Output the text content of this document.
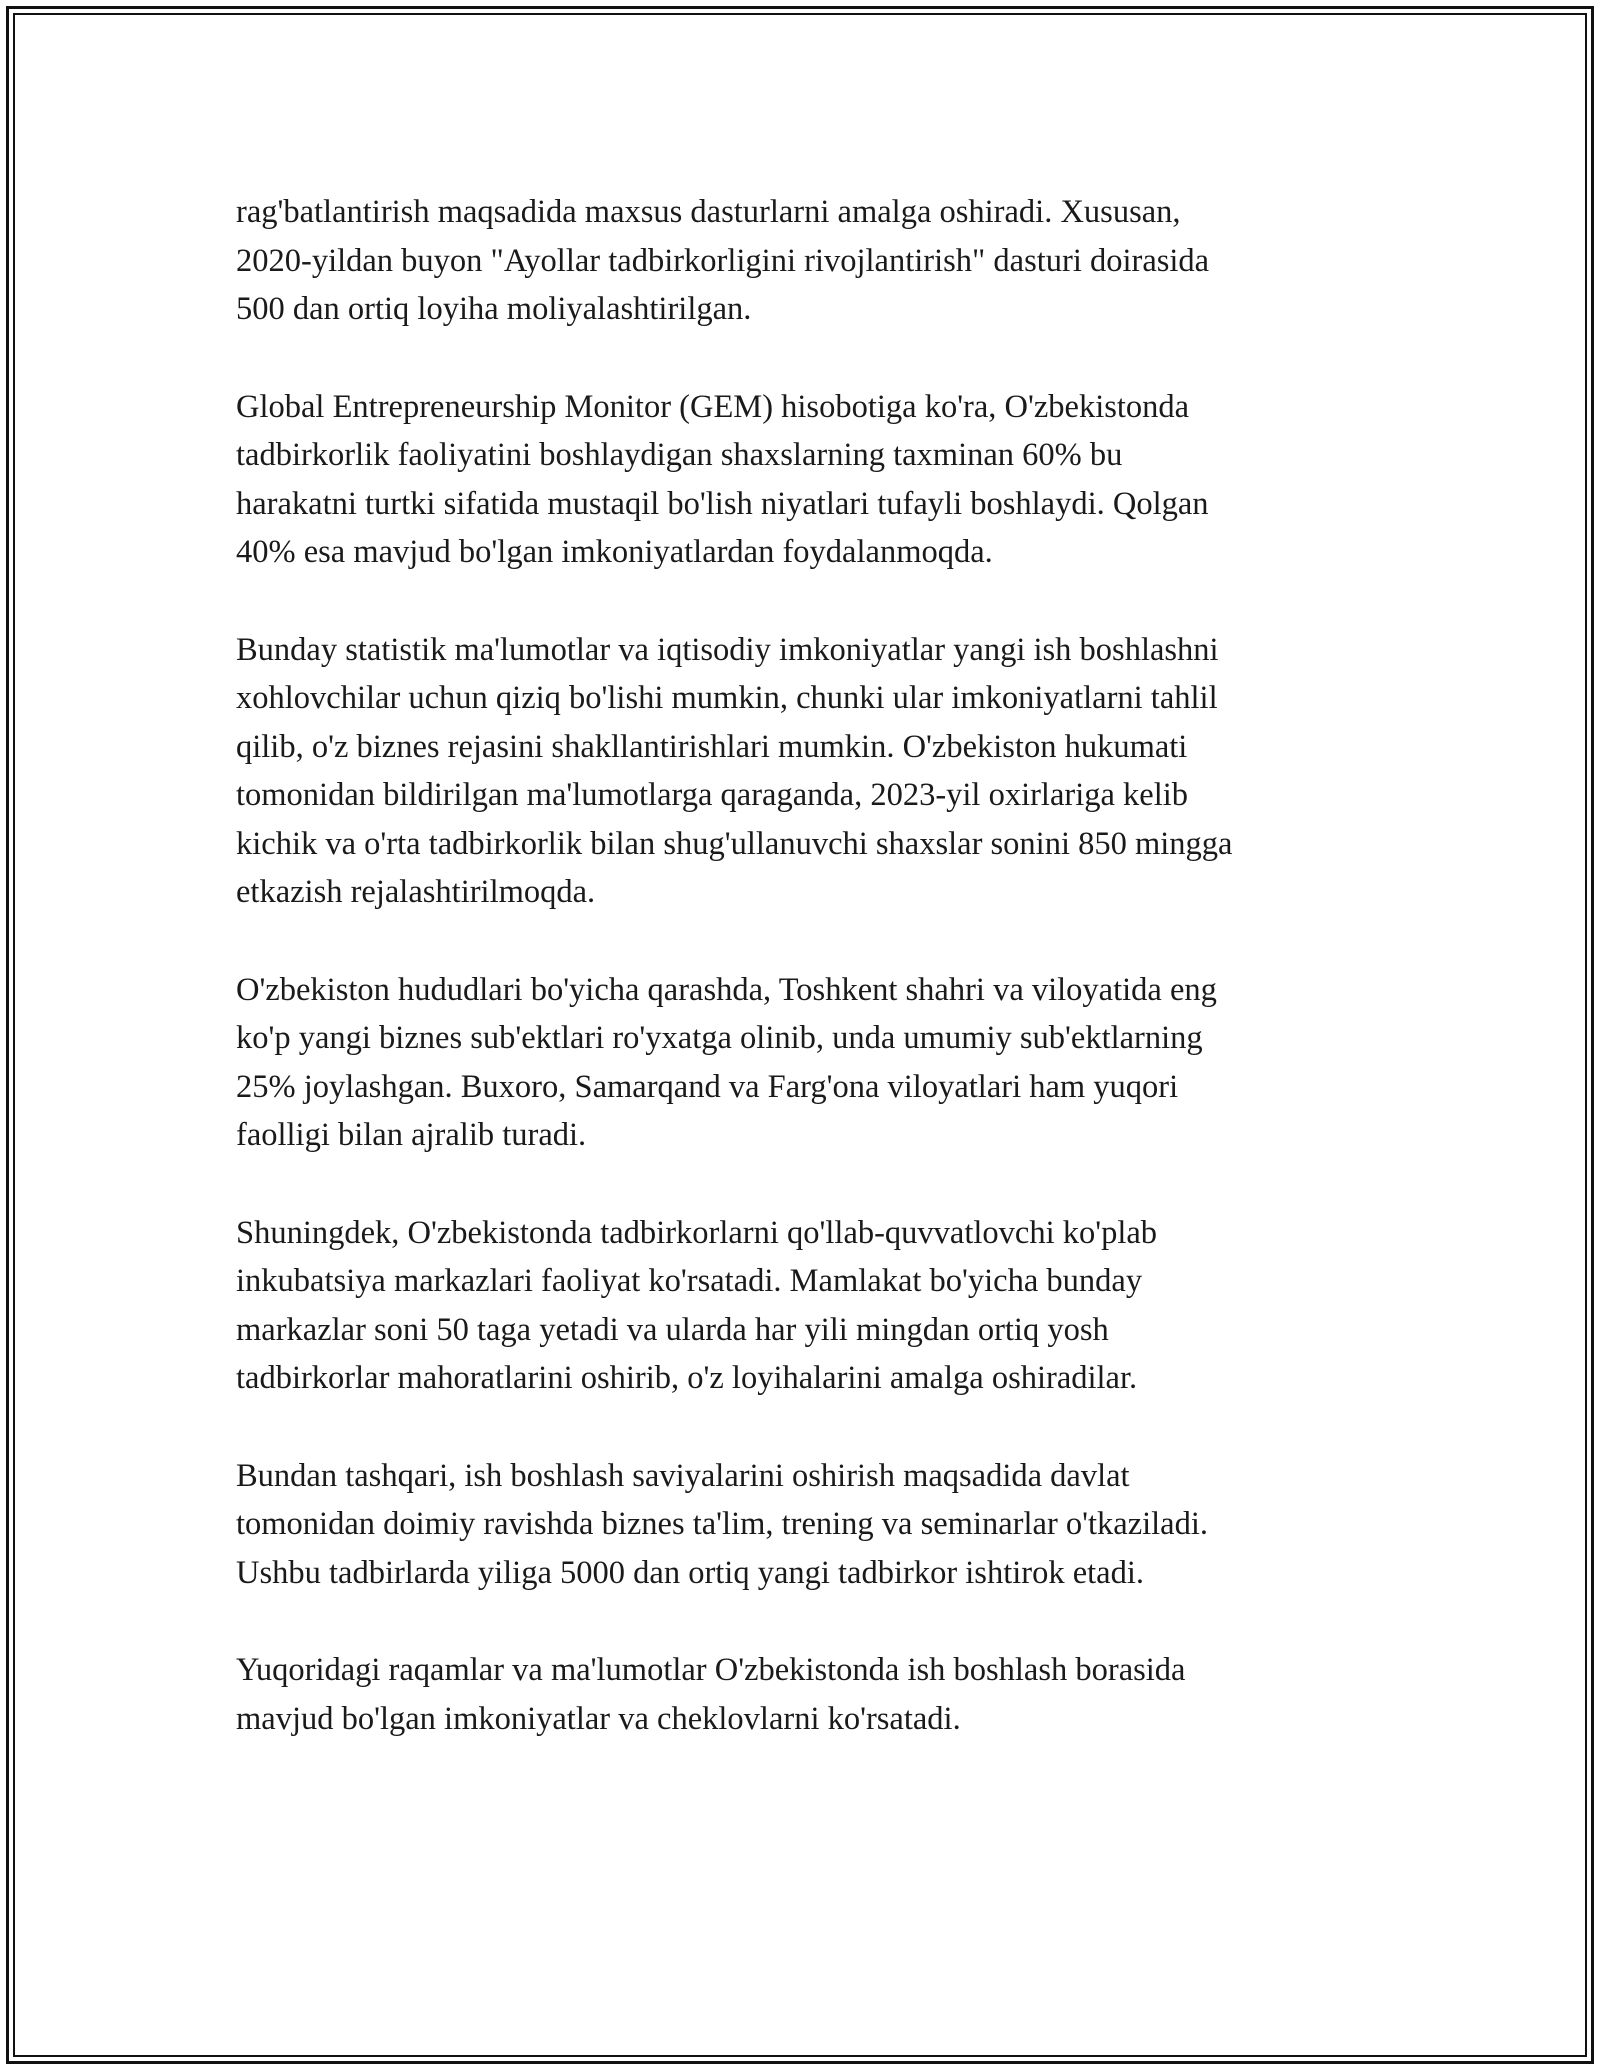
rag'batlantirish maqsadida maxsus dasturlarni amalga oshiradi. Xususan,
2020-yildan buyon "Ayollar tadbirkorligini rivojlantirish" dasturi doirasida
500 dan ortiq loyiha moliyalashtirilgan.

Global Entrepreneurship Monitor (GEM) hisobotiga ko'ra, O'zbekistonda
tadbirkorlik faoliyatini boshlaydigan shaxslarning taxminan 60% bu
harakatni turtki sifatida mustaqil bo'lish niyatlari tufayli boshlaydi. Qolgan
40% esa mavjud bo'lgan imkoniyatlardan foydalanmoqda.

Bunday statistik ma'lumotlar va iqtisodiy imkoniyatlar yangi ish boshlashni
xohlovchilar uchun qiziq bo'lishi mumkin, chunki ular imkoniyatlarni tahlil
qilib, o'z biznes rejasini shakllantirishlari mumkin. O'zbekiston hukumati
tomonidan bildirilgan ma'lumotlarga qaraganda, 2023-yil oxirlariga kelib
kichik va o'rta tadbirkorlik bilan shug'ullanuvchi shaxslar sonini 850 mingga
etkazish rejalashtirilmoqda.

O'zbekiston hududlari bo'yicha qarashda, Toshkent shahri va viloyatida eng
ko'p yangi biznes sub'ektlari ro'yxatga olinib, unda umumiy sub'ektlarning
25% joylashgan. Buxoro, Samarqand va Farg'ona viloyatlari ham yuqori
faolligi bilan ajralib turadi.

Shuningdek, O'zbekistonda tadbirkorlarni qo'llab-quvvatlovchi ko'plab
inkubatsiya markazlari faoliyat ko'rsatadi. Mamlakat bo'yicha bunday
markazlar soni 50 taga yetadi va ularda har yili mingdan ortiq yosh
tadbirkorlar mahoratlarini oshirib, o'z loyihalarini amalga oshiradilar.

Bundan tashqari, ish boshlash saviyalarini oshirish maqsadida davlat
tomonidan doimiy ravishda biznes ta'lim, trening va seminarlar o'tkaziladi.
Ushbu tadbirlarda yiliga 5000 dan ortiq yangi tadbirkor ishtirok etadi.

Yuqoridagi raqamlar va ma'lumotlar O'zbekistonda ish boshlash borasida
mavjud bo'lgan imkoniyatlar va cheklovlarni ko'rsatadi.
